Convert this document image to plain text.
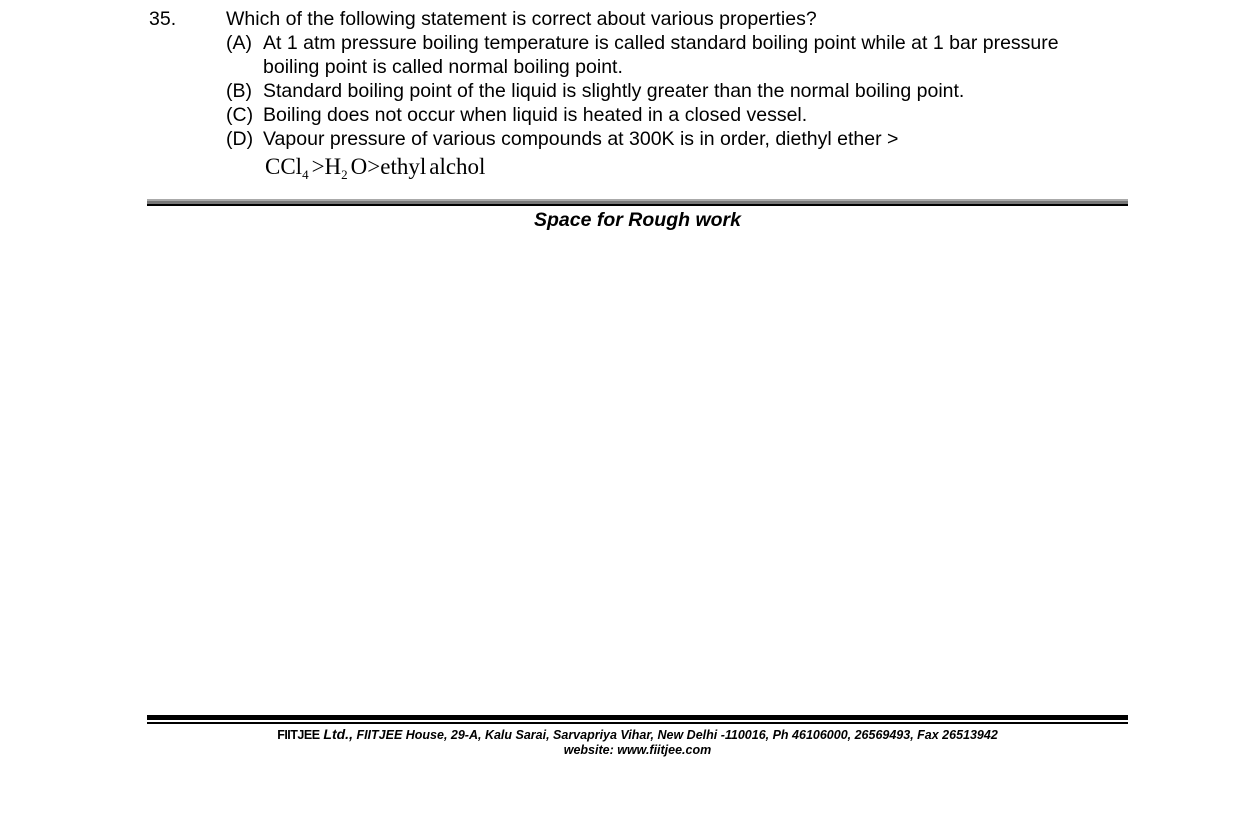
35.	Which of the following statement is correct about various properties?
(A) At 1 atm pressure boiling temperature is called standard boiling point while at 1 bar pressure
boiling point is called normal boiling point.
(B) Standard boiling point of the liquid is slightly greater than the normal boiling point.
(C) Boiling does not occur when liquid is heated in a closed vessel.
(D) Vapour pressure of various compounds at 300K is in order, diethyl ether >
$CCl_4 >H_2$ O>ethyl alchol
Space for Rough work
FIITJEE Ltd., FIITJEE House, 29-A, Kalu Sarai, Sarvapriya Vihar, New Delhi -110016, Ph 46106000, 26569493, Fax 26513942
website: www.fiitjee.com
